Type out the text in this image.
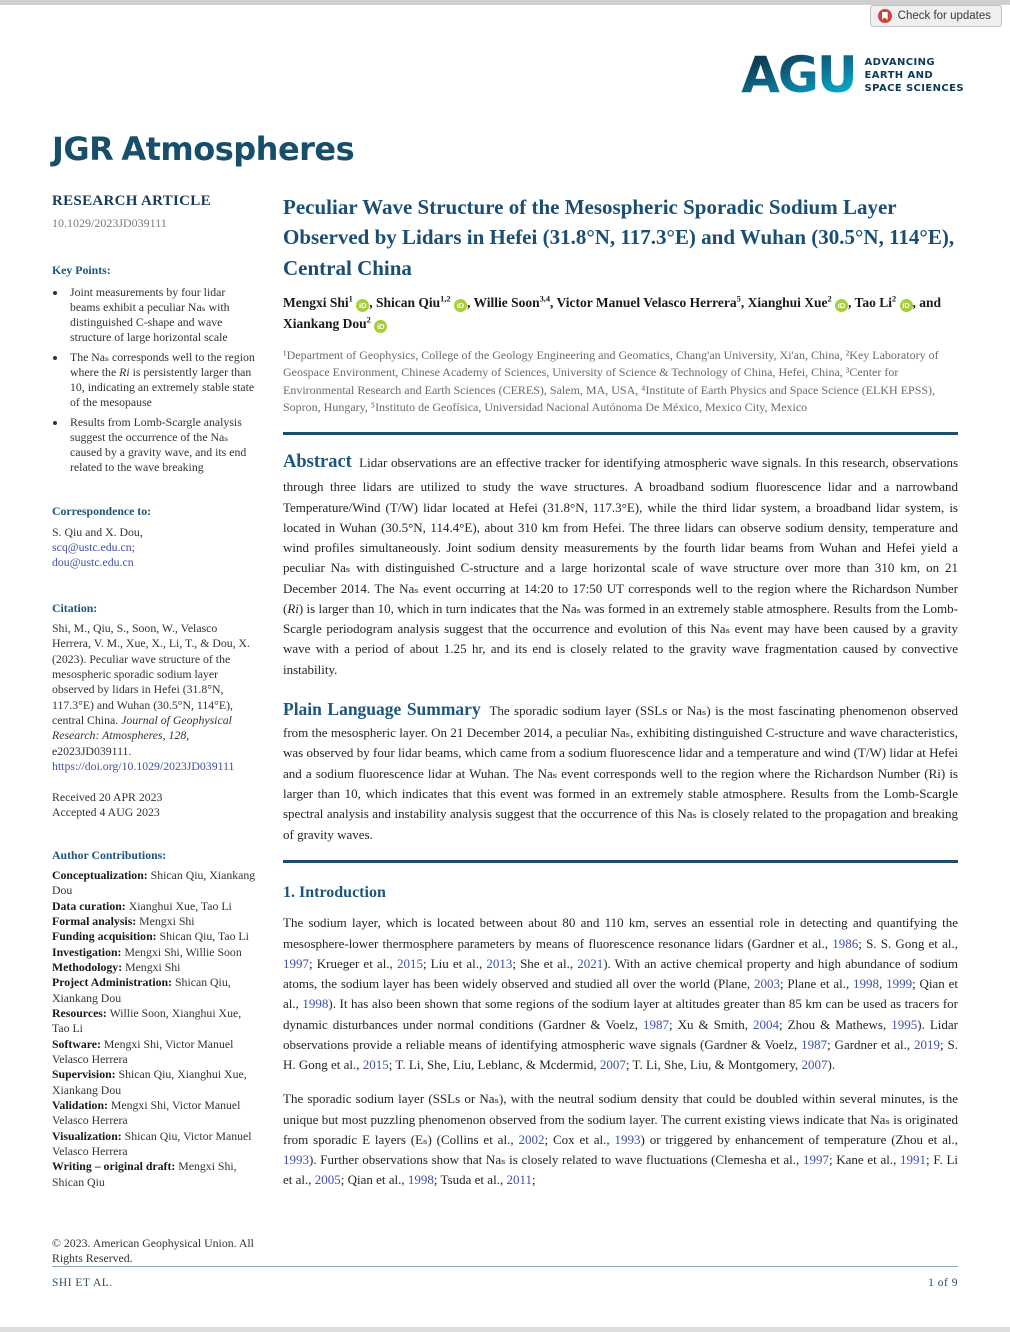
Check for updates
AGU ADVANCING
EARTH AND
SPACE SCIENCES
JGR Atmospheres
RESEARCH ARTICLE
10.1029/2023JD039111
Key Points:
• Joint measurements by four lidar beams exhibit a peculiar Naₛ with distinguished C-shape and wave structure of large horizontal scale
• The Naₛ corresponds well to the region where the Ri is persistently larger than 10, indicating an extremely stable state of the mesopause
• Results from Lomb-Scargle analysis suggest the occurrence of the Naₛ caused by a gravity wave, and its end related to the wave breaking
Correspondence to:
S. Qiu and X. Dou,
scq@ustc.edu.cn;
dou@ustc.edu.cn
Citation:
Shi, M., Qiu, S., Soon, W., Velasco Herrera, V. M., Xue, X., Li, T., & Dou, X. (2023). Peculiar wave structure of the mesospheric sporadic sodium layer observed by lidars in Hefei (31.8°N, 117.3°E) and Wuhan (30.5°N, 114°E), central China. Journal of Geophysical Research: Atmospheres, 128, e2023JD039111. https://doi.org/10.1029/2023JD039111
Received 20 APR 2023
Accepted 4 AUG 2023
Author Contributions:
Conceptualization: Shican Qiu, Xiankang Dou
Data curation: Xianghui Xue, Tao Li
Formal analysis: Mengxi Shi
Funding acquisition: Shican Qiu, Tao Li
Investigation: Mengxi Shi, Willie Soon
Methodology: Mengxi Shi
Project Administration: Shican Qiu, Xiankang Dou
Resources: Willie Soon, Xianghui Xue, Tao Li
Software: Mengxi Shi, Victor Manuel Velasco Herrera
Supervision: Shican Qiu, Xianghui Xue, Xiankang Dou
Validation: Mengxi Shi, Victor Manuel Velasco Herrera
Visualization: Shican Qiu, Victor Manuel Velasco Herrera
Writing – original draft: Mengxi Shi, Shican Qiu
© 2023. American Geophysical Union. All Rights Reserved.
Peculiar Wave Structure of the Mesospheric Sporadic Sodium Layer Observed by Lidars in Hefei (31.8°N, 117.3°E) and Wuhan (30.5°N, 114°E), Central China
Mengxi Shi$^1$ iD , Shican Qiu$^{1,2}$ iD , Willie Soon$^{3,4}$, Victor Manuel Velasco Herrera$^5$, Xianghui Xue$^2$ iD , Tao Li$^2$ iD , and Xiankang Dou$^2$ iD
¹Department of Geophysics, College of the Geology Engineering and Geomatics, Chang'an University, Xi'an, China, ²Key Laboratory of Geospace Environment, Chinese Academy of Sciences, University of Science & Technology of China, Hefei, China, ³Center for Environmental Research and Earth Sciences (CERES), Salem, MA, USA, ⁴Institute of Earth Physics and Space Science (ELKH EPSS), Sopron, Hungary, ⁵Instituto de Geofísica, Universidad Nacional Autónoma De México, Mexico City, Mexico

Abstract Lidar observations are an effective tracker for identifying atmospheric wave signals. In this research, observations through three lidars are utilized to study the wave structures. A broadband sodium fluorescence lidar and a narrowband Temperature/Wind (T/W) lidar located at Hefei (31.8°N, 117.3°E), while the third lidar system, a broadband lidar system, is located in Wuhan (30.5°N, 114.4°E), about 310 km from Hefei. The three lidars can observe sodium density, temperature and wind profiles simultaneously. Joint sodium density measurements by the fourth lidar beams from Wuhan and Hefei yield a peculiar Naₛ with distinguished C-structure and a large horizontal scale of wave structure over more than 310 km, on 21 December 2014. The Naₛ event occurring at 14:20 to 17:50 UT corresponds well to the region where the Richardson Number (Ri) is larger than 10, which in turn indicates that the Naₛ was formed in an extremely stable atmosphere. Results from the Lomb-Scargle periodogram analysis suggest that the occurrence and evolution of this Naₛ event may have been caused by a gravity wave with a period of about 1.25 hr, and its end is closely related to the gravity wave fragmentation caused by convective instability.

Plain Language Summary The sporadic sodium layer (SSLs or Naₛ) is the most fascinating phenomenon observed from the mesospheric layer. On 21 December 2014, a peculiar Naₛ, exhibiting distinguished C-structure and wave characteristics, was observed by four lidar beams, which came from a sodium fluorescence lidar and a temperature and wind (T/W) lidar at Hefei and a sodium fluorescence lidar at Wuhan. The Naₛ event corresponds well to the region where the Richardson Number (Ri) is larger than 10, which indicates that this event was formed in an extremely stable atmosphere. Results from the Lomb-Scargle spectral analysis and instability analysis suggest that the occurrence of this Naₛ is closely related to the propagation and breaking of gravity waves.

1. Introduction

The sodium layer, which is located between about 80 and 110 km, serves an essential role in detecting and quantifying the mesosphere-lower thermosphere parameters by means of fluorescence resonance lidars (Gardner et al., 1986; S. S. Gong et al., 1997; Krueger et al., 2015; Liu et al., 2013; She et al., 2021). With an active chemical property and high abundance of sodium atoms, the sodium layer has been widely observed and studied all over the world (Plane, 2003; Plane et al., 1998, 1999; Qian et al., 1998). It has also been shown that some regions of the sodium layer at altitudes greater than 85 km can be used as tracers for dynamic disturbances under normal conditions (Gardner & Voelz, 1987; Xu & Smith, 2004; Zhou & Mathews, 1995). Lidar observations provide a reliable means of identifying atmospheric wave signals (Gardner & Voelz, 1987; Gardner et al., 2019; S. H. Gong et al., 2015; T. Li, She, Liu, Leblanc, & Mcdermid, 2007; T. Li, She, Liu, & Montgomery, 2007).

The sporadic sodium layer (SSLs or Naₛ), with the neutral sodium density that could be doubled within several minutes, is the unique but most puzzling phenomenon observed from the sodium layer. The current existing views indicate that Naₛ is originated from sporadic E layers (Eₛ) (Collins et al., 2002; Cox et al., 1993) or triggered by enhancement of temperature (Zhou et al., 1993). Further observations show that Naₛ is closely related to wave fluctuations (Clemesha et al., 1997; Kane et al., 1991; F. Li et al., 2005; Qian et al., 1998; Tsuda et al., 2011;

SHI ET AL.	1 of 9
